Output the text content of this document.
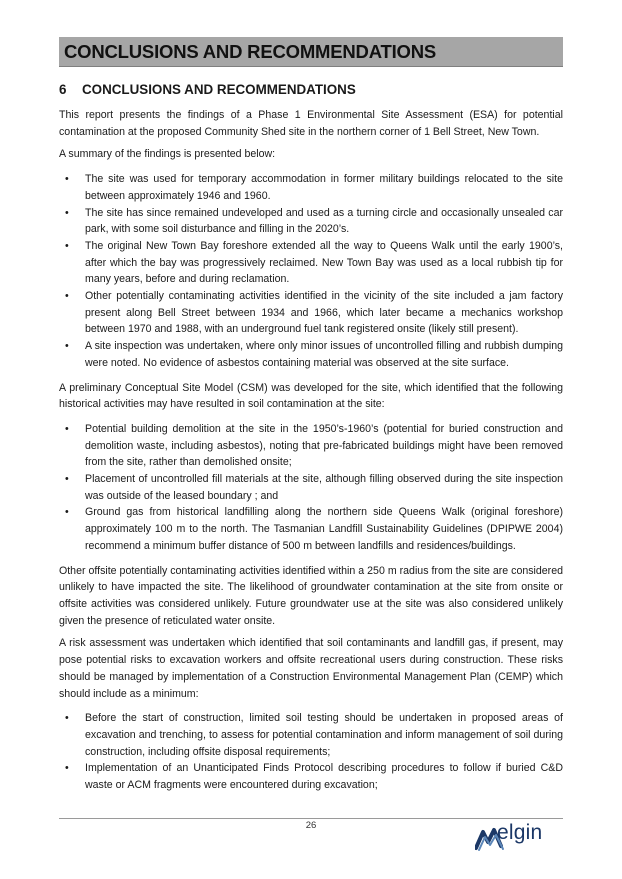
CONCLUSIONS AND RECOMMENDATIONS
6 CONCLUSIONS AND RECOMMENDATIONS

This report presents the findings of a Phase 1 Environmental Site Assessment (ESA) for potential contamination at the proposed Community Shed site in the northern corner of 1 Bell Street, New Town.

A summary of the findings is presented below:

• The site was used for temporary accommodation in former military buildings relocated to the site between approximately 1946 and 1960.
• The site has since remained undeveloped and used as a turning circle and occasionally unsealed car park, with some soil disturbance and filling in the 2020’s.
• The original New Town Bay foreshore extended all the way to Queens Walk until the early 1900’s, after which the bay was progressively reclaimed. New Town Bay was used as a local rubbish tip for many years, before and during reclamation.
• Other potentially contaminating activities identified in the vicinity of the site included a jam factory present along Bell Street between 1934 and 1966, which later became a mechanics workshop between 1970 and 1988, with an underground fuel tank registered onsite (likely still present).
• A site inspection was undertaken, where only minor issues of uncontrolled filling and rubbish dumping were noted. No evidence of asbestos containing material was observed at the site surface.

A preliminary Conceptual Site Model (CSM) was developed for the site, which identified that the following historical activities may have resulted in soil contamination at the site:

• Potential building demolition at the site in the 1950’s-1960’s (potential for buried construction and demolition waste, including asbestos), noting that pre-fabricated buildings might have been removed from the site, rather than demolished onsite;
• Placement of uncontrolled fill materials at the site, although filling observed during the site inspection was outside of the leased boundary ; and
• Ground gas from historical landfilling along the northern side Queens Walk (original foreshore) approximately 100 m to the north. The Tasmanian Landfill Sustainability Guidelines (DPIPWE 2004) recommend a minimum buffer distance of 500 m between landfills and residences/buildings.

Other offsite potentially contaminating activities identified within a 250 m radius from the site are considered unlikely to have impacted the site. The likelihood of groundwater contamination at the site from onsite or offsite activities was considered unlikely. Future groundwater use at the site was also considered unlikely given the presence of reticulated water onsite.

A risk assessment was undertaken which identified that soil contaminants and landfill gas, if present, may pose potential risks to excavation workers and offsite recreational users during construction. These risks should be managed by implementation of a Construction Environmental Management Plan (CEMP) which should include as a minimum:

• Before the start of construction, limited soil testing should be undertaken in proposed areas of excavation and trenching, to assess for potential contamination and inform management of soil during construction, including offsite disposal requirements;
• Implementation of an Unanticipated Finds Protocol describing procedures to follow if buried C&D waste or ACM fragments were encountered during excavation;
26	elgin
